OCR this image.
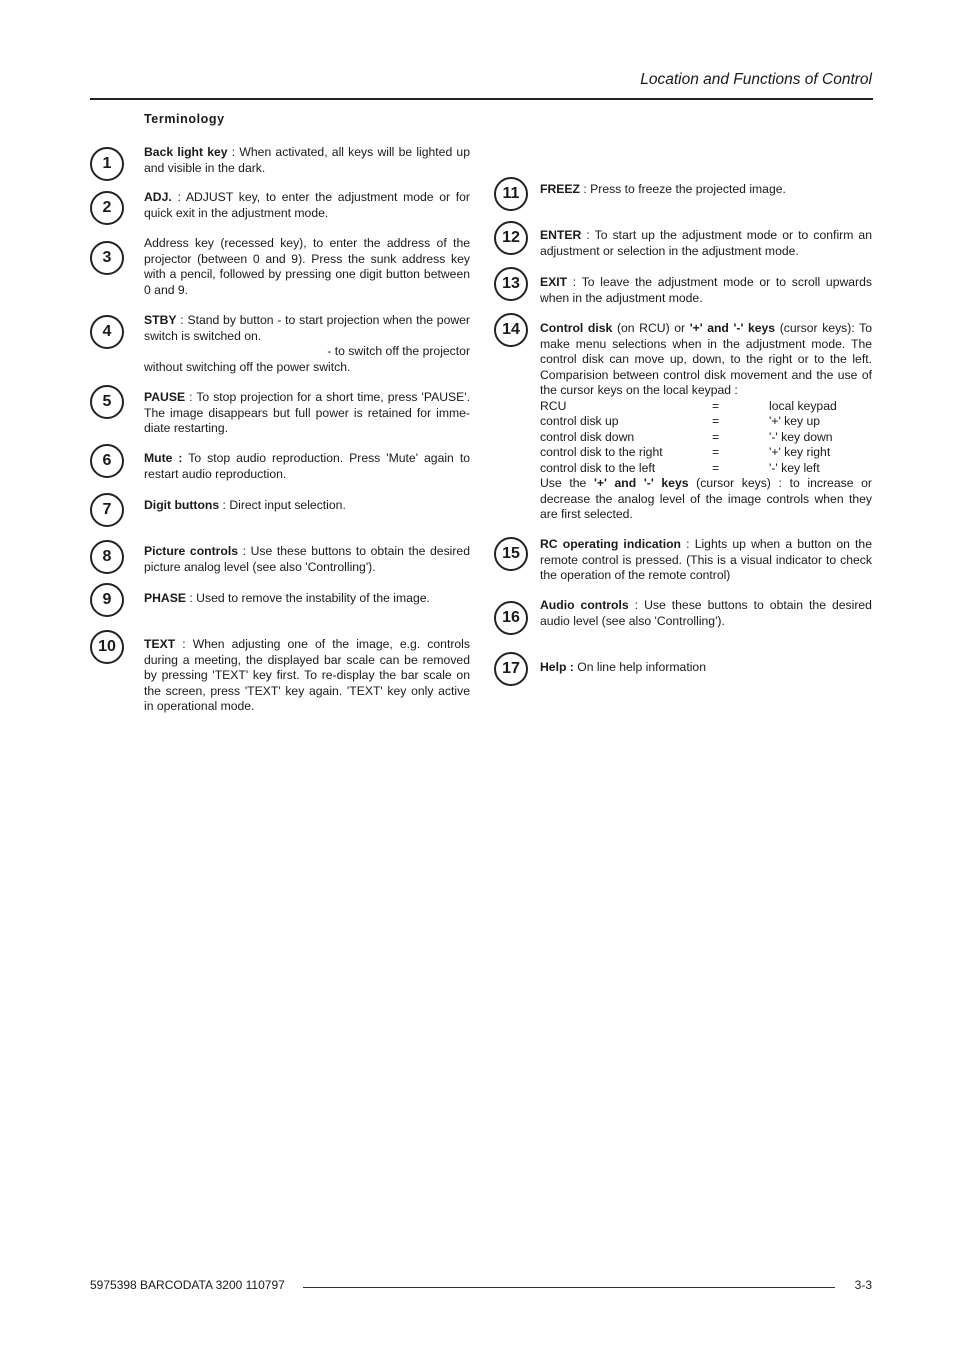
Location and Functions of Control
Terminology
1
Back light key : When activated, all keys will be lighted up and visible in the dark.
2
ADJ. : ADJUST key, to enter the adjustment mode or for quick exit in the adjustment mode.
3
Address key (recessed key), to enter the address of the projector (between 0 and 9). Press the sunk address key with a pencil, followed by pressing one digit button between 0 and 9.
4
STBY : Stand by button - to start projection when the power switch is switched on.
- to switch off the projector
without switching off the power switch.
5	PAUSE : To stop projection for a short time, press 'PAUSE'. The image disappears but full power is retained for imme-diate restarting.
6	Mute : To stop audio reproduction. Press 'Mute' again to restart audio reproduction.
7	Digit buttons : Direct input selection.
8	Picture controls : Use these buttons to obtain the desired picture analog level (see also 'Controlling').
9	PHASE : Used to remove the instability of the image.
10	TEXT : When adjusting one of the image, e.g. controls during a meeting, the displayed bar scale can be removed by pressing 'TEXT' key first. To re-display the bar scale on the screen, press 'TEXT' key again. 'TEXT' key only active in operational mode.
11	FREEZ : Press to freeze the projected image.
12	ENTER : To start up the adjustment mode or to confirm an adjustment or selection in the adjustment mode.
13	EXIT : To leave the adjustment mode or to scroll upwards when in the adjustment mode.
14	Control disk (on RCU) or '+' and '-' keys (cursor keys): To make menu selections when in the adjustment mode. The control disk can move up, down, to the right or to the left. Comparision between control disk movement and the use of the cursor keys on the local keypad :
RCU	=	local keypad
control disk up	=	'+' key up
control disk down	=	'-' key down
control disk to the right	=	'+' key right
control disk to the left	=	'-' key left
Use the '+' and '-' keys (cursor keys) : to increase or decrease the analog level of the image controls when they are first selected.
15
RC operating indication : Lights up when a button on the remote control is pressed. (This is a visual indicator to check the operation of the remote control)
16
Audio controls : Use these buttons to obtain the desired audio level (see also 'Controlling').
17	Help : On line help information
5975398 BARCODATA 3200 110797	3-3
